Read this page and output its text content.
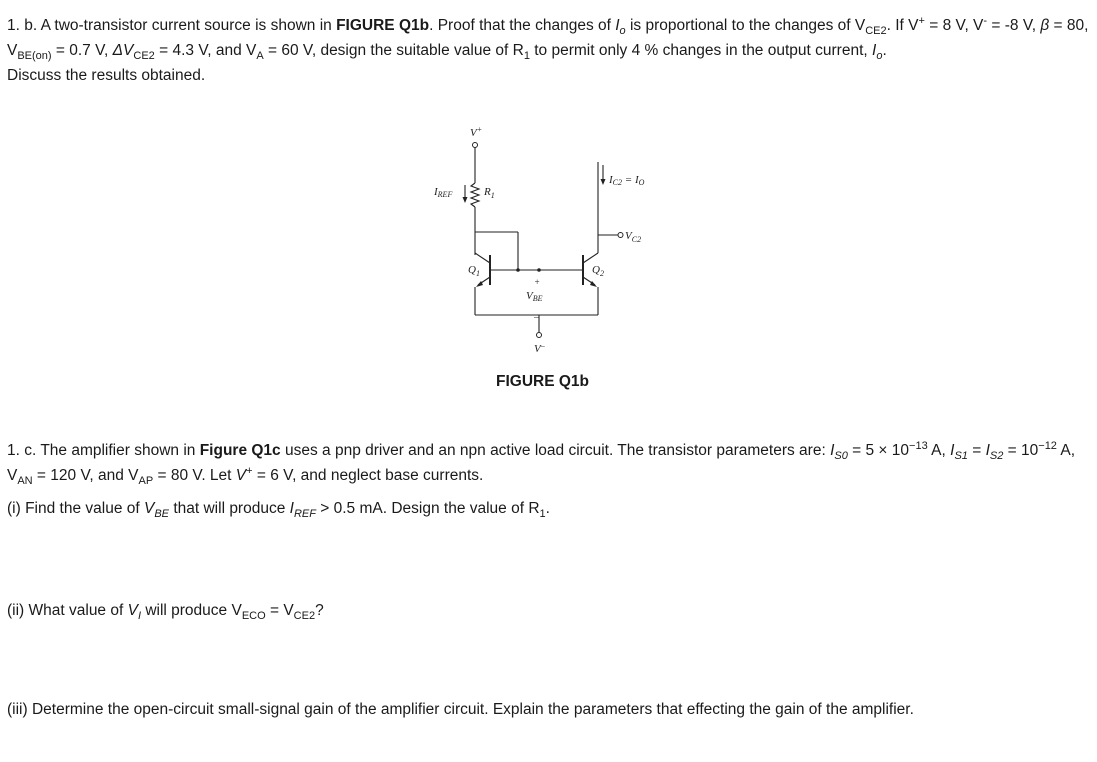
1. b. A two-transistor current source is shown in FIGURE Q1b. Proof that the changes of $I_o$ is proportional to the changes of $V_{CE2}$. If V+ = 8 V, V- = -8 V, β = 80, $V_{BE(on)} = 0.7$ V, $\Delta V_{CE2} = 4.3$ V, and $V_A = 60$ V, design the suitable value of $R_1$ to permit only 4 % changes in the output current, $I_o$.
Discuss the results obtained.

V+
$R_1$
IREF
$Q_1$	$Q_2$
$V_{C2}$
IC2 = IO
+
VBE
–
V–
FIGURE Q1b

1. c. The amplifier shown in Figure Q1c uses a pnp driver and an npn active load circuit. The transistor parameters are: $I_{S0} = 5 \times 10^{-13}$ A, $I_{S1} = I_{S2} = 10^{-12}$ A, $V_{AN} = 120$ V, and $V_{AP} = 80$ V. Let V+ = 6 V, and neglect base currents.

(i) Find the value of $V_{BE}$ that will produce $I_{REF} > 0.5$ mA. Design the value of $R_1$.

(ii) What value of $V_I$ will produce $V_{ECO} = V_{CE2}$?

(iii) Determine the open-circuit small-signal gain of the amplifier circuit. Explain the parameters that effecting the gain of the amplifier.
